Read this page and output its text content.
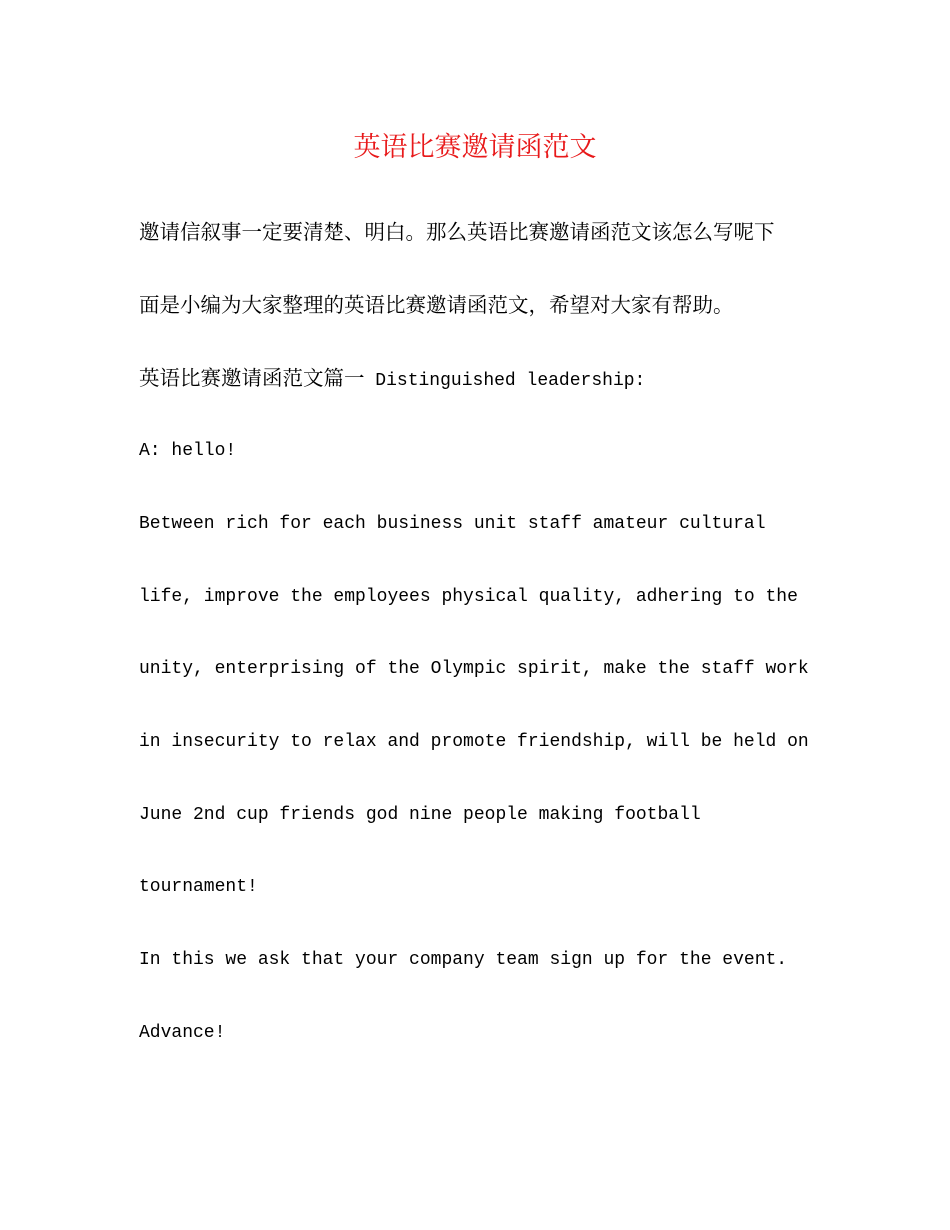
英语比赛邀请函范文

邀请信叙事一定要清楚、明白。那么英语比赛邀请函范文该怎么写呢下

面是小编为大家整理的英语比赛邀请函范文，希望对大家有帮助。

英语比赛邀请函范文篇一 Distinguished leadership:

A: hello!

Between rich for each business unit staff amateur cultural

life, improve the employees physical quality, adhering to the

unity, enterprising of the Olympic spirit, make the staff work

in insecurity to relax and promote friendship, will be held on

June 2nd cup friends god nine people making football

tournament!

In this we ask that your company team sign up for the event.

Advance!
